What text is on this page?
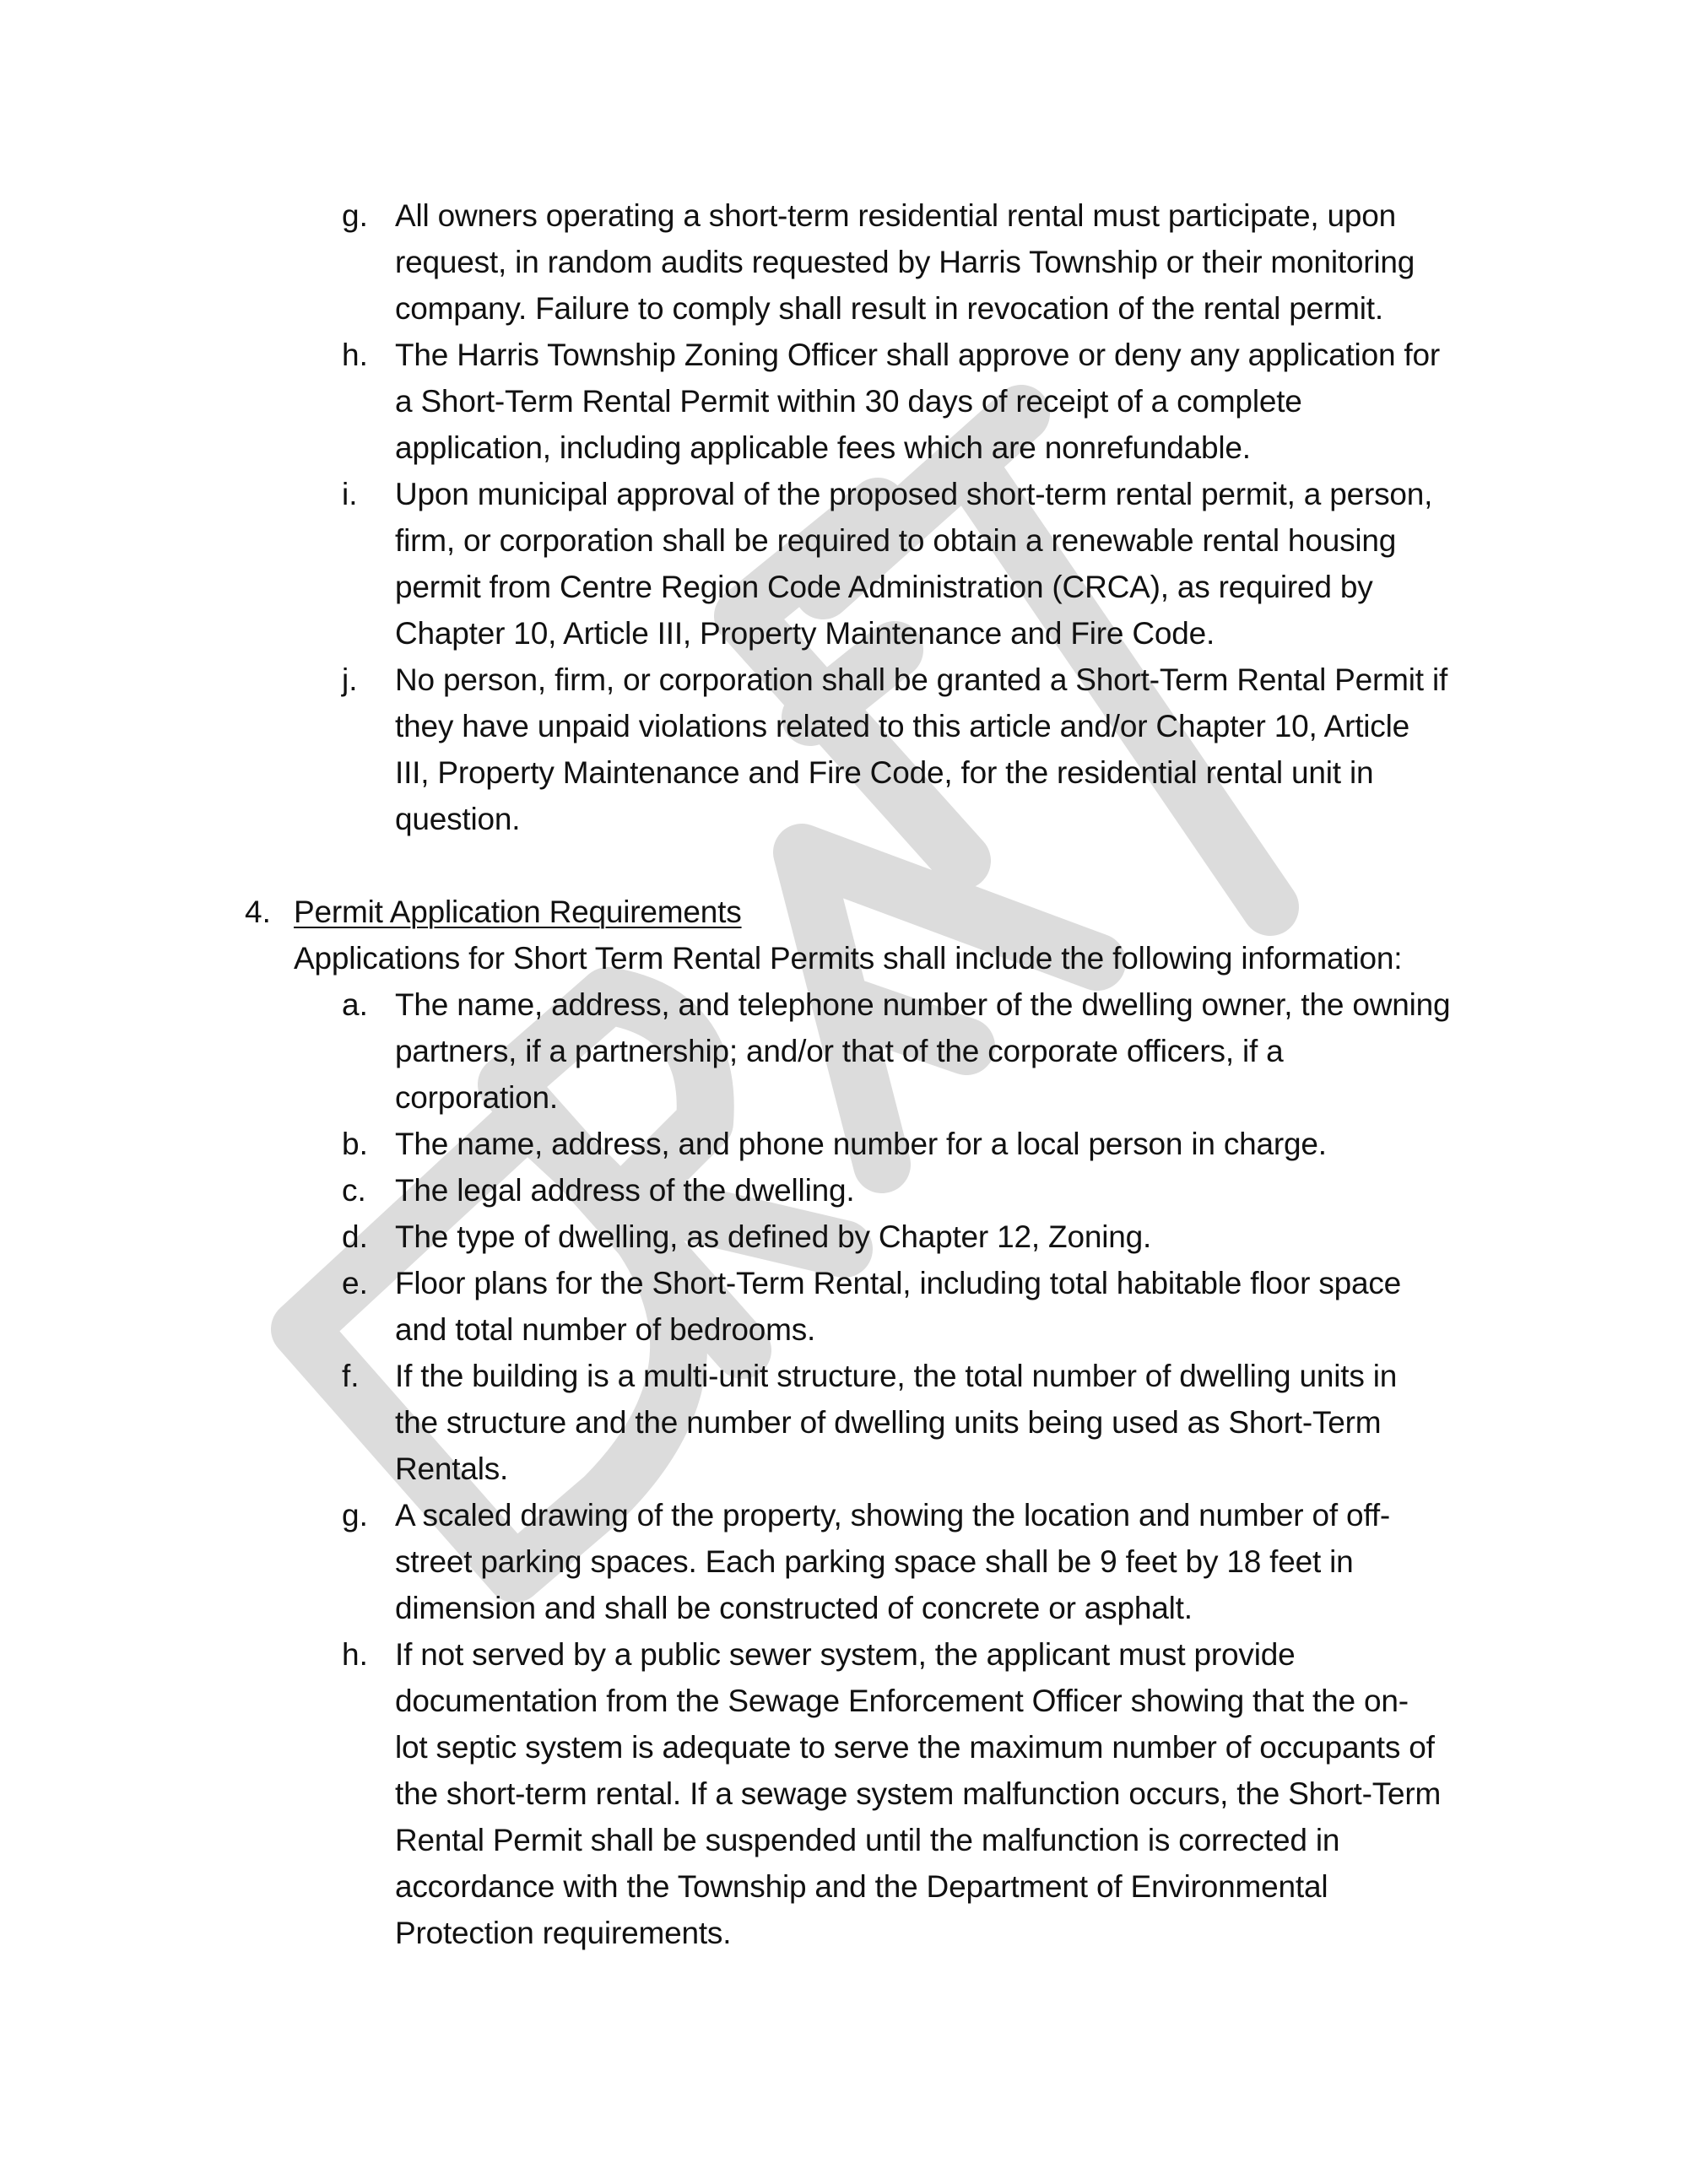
g. All owners operating a short-term residential rental must participate, upon
request, in random audits requested by Harris Township or their monitoring
company. Failure to comply shall result in revocation of the rental permit.
h. The Harris Township Zoning Officer shall approve or deny any application for
a Short-Term Rental Permit within 30 days of receipt of a complete
application, including applicable fees which are nonrefundable.
i. Upon municipal approval of the proposed short-term rental permit, a person,
firm, or corporation shall be required to obtain a renewable rental housing
permit from Centre Region Code Administration (CRCA), as required by
Chapter 10, Article III, Property Maintenance and Fire Code.
j. No person, firm, or corporation shall be granted a Short-Term Rental Permit if
they have unpaid violations related to this article and/or Chapter 10, Article
III, Property Maintenance and Fire Code, for the residential rental unit in
question.
4. Permit Application Requirements
Applications for Short Term Rental Permits shall include the following information:
a. The name, address, and telephone number of the dwelling owner, the owning
partners, if a partnership; and/or that of the corporate officers, if a
corporation.
b. The name, address, and phone number for a local person in charge.
c. The legal address of the dwelling.
d. The type of dwelling, as defined by Chapter 12, Zoning.
e. Floor plans for the Short-Term Rental, including total habitable floor space
and total number of bedrooms.
f. If the building is a multi-unit structure, the total number of dwelling units in
the structure and the number of dwelling units being used as Short-Term
Rentals.
g. A scaled drawing of the property, showing the location and number of off-
street parking spaces. Each parking space shall be 9 feet by 18 feet in
dimension and shall be constructed of concrete or asphalt.
h. If not served by a public sewer system, the applicant must provide
documentation from the Sewage Enforcement Officer showing that the on-
lot septic system is adequate to serve the maximum number of occupants of
the short-term rental. If a sewage system malfunction occurs, the Short-Term
Rental Permit shall be suspended until the malfunction is corrected in
accordance with the Township and the Department of Environmental
Protection requirements.
